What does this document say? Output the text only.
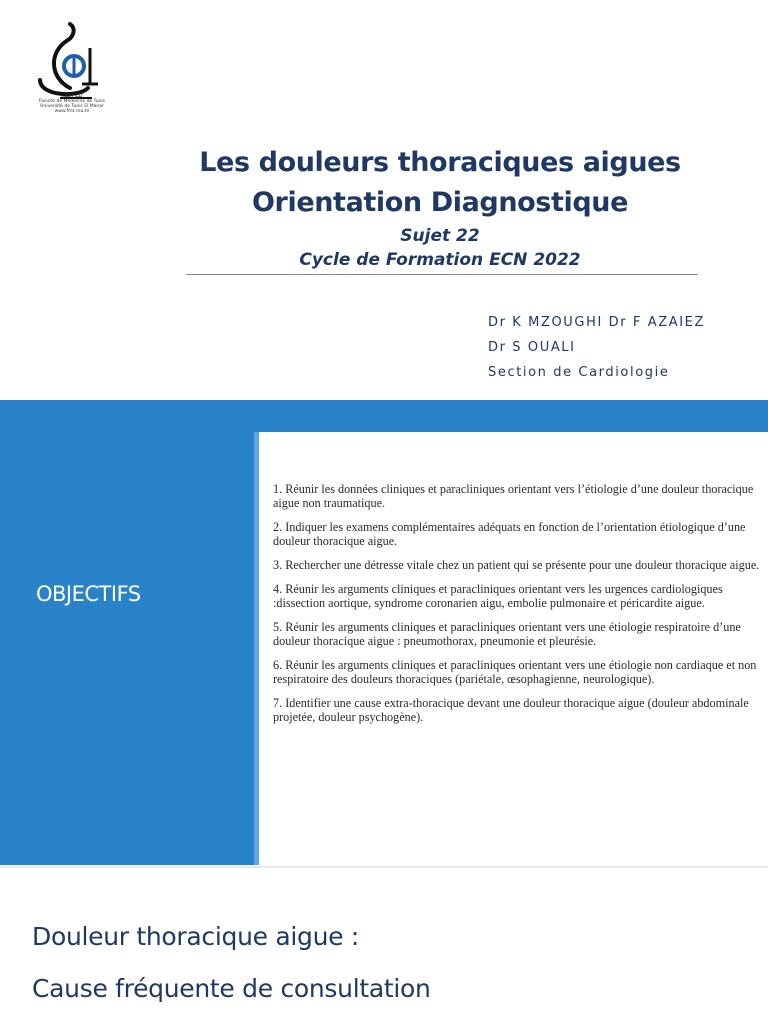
كلية الطب
Faculté de Médecine de Tunis
Université de Tunis El Manar
www.fmt.rnu.tn
Les douleurs thoraciques aigues
Orientation Diagnostique
Sujet 22
Cycle de Formation ECN 2022
Dr K MZOUGHI Dr F AZAIEZ
Dr S OUALI
Section de Cardiologie
OBJECTIFS
1. Réunir les données cliniques et paracliniques orientant vers l’étiologie d’une douleur thoracique aigue non traumatique.
2. Indiquer les examens complémentaires adéquats en fonction de l’orientation étiologique d’une douleur thoracique aigue.
3. Rechercher une détresse vitale chez un patient qui se présente pour une douleur thoracique aigue.
4. Réunir les arguments cliniques et paracliniques orientant vers les urgences cardiologiques :dissection aortique, syndrome coronarien aigu, embolie pulmonaire et péricardite aigue.
5. Réunir les arguments cliniques et paracliniques orientant vers une étiologie respiratoire d’une douleur thoracique aigue : pneumothorax, pneumonie et pleurésie.
6. Réunir les arguments cliniques et paracliniques orientant vers une étiologie non cardiaque et non respiratoire des douleurs thoraciques (pariétale, œsophagienne, neurologique).
7. Identifier une cause extra-thoracique devant une douleur thoracique aigue (douleur abdominale projetée, douleur psychogène).
Douleur thoracique aigue :
Cause fréquente de consultation
